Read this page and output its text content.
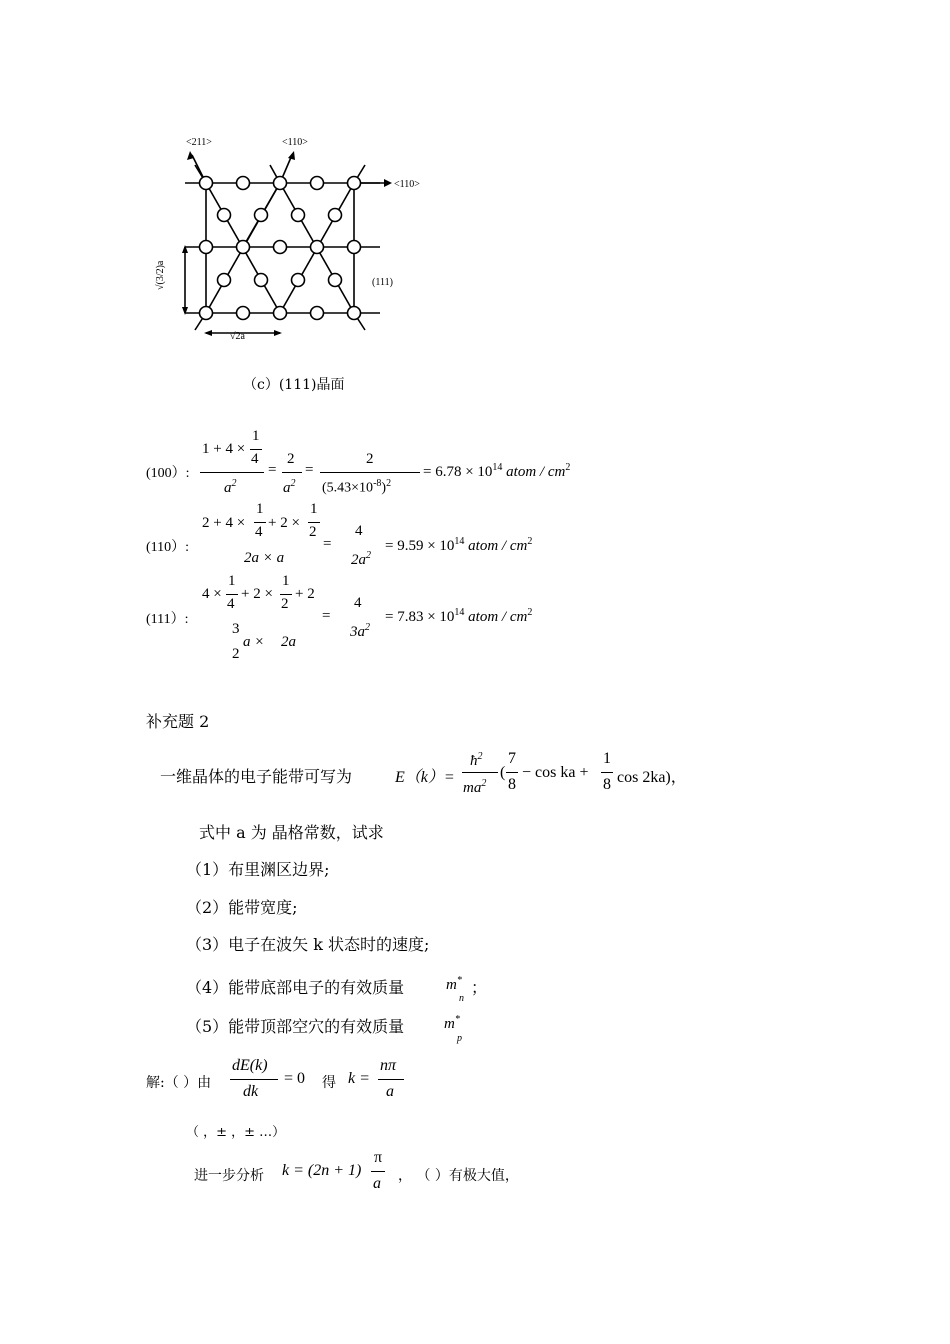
<211>	<110>
<110>
(111)
√2a
√(3/2)a
（c）(111)晶面
(100）:
1 + 4 ×
1
4
$a^2$
=
2
$a^2$
=
2
$(5.43\times 10^{-8})^2$
= $6.78 \times 10^{14}$ atom / $cm^2$
(110）:
2 + 4 ×
1
4
+ 2 ×
1
2
2a × a
=
4
$2a^2$
= $9.59 \times 10^{14}$ atom / $cm^2$
(111）:
4 ×
1
4
+ 2 ×
1
2
+ 2
3
2
a × 2a
=
4
$3a^2$
= $7.83 \times 10^{14}$ atom / $cm^2$
补充题 2
一维晶体的电子能带可写为	E（k）=
$ħ^2$
$ma^2$
(
7
8
− cos ka +
1
8 cos 2ka)，
式中 a 为 晶格常数，试求
（1）布里渊区边界;
（2）能带宽度;
（3）电子在波矢 k 状态时的速度;
（4）能带底部电子的有效质量	m*
n
；
（5）能带顶部空穴的有效质量	m*
p
解:（ ）由
dE(k)
dk
= 0 得 k =
nπ
a
（ ，± ，± …）
进一步分析 k = (2n + 1)
π
a ， （ ）有极大值，
